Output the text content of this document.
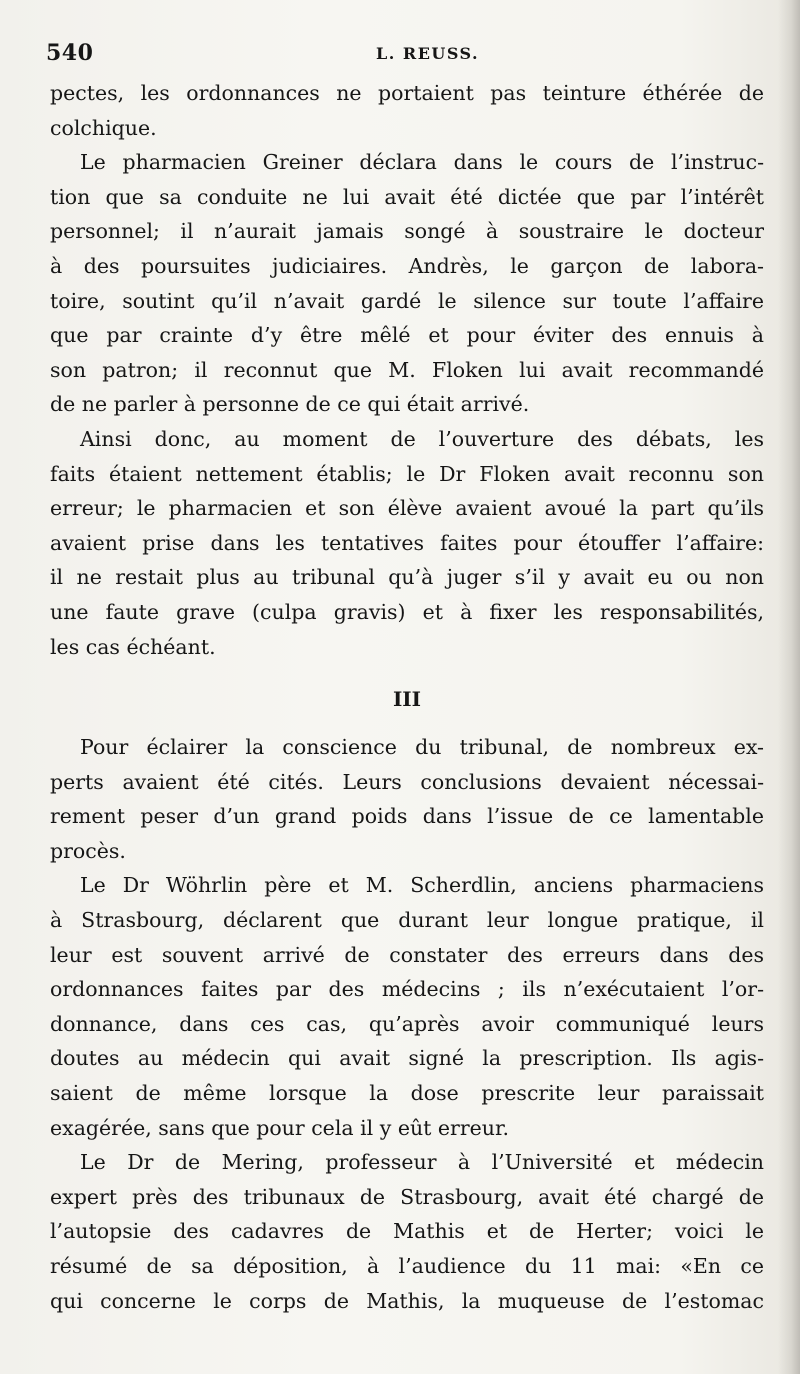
540	L. REUSS.
pectes, les ordonnances ne portaient pas teinture éthérée de
colchique.
Le pharmacien Greiner déclara dans le cours de l’instruc-
tion que sa conduite ne lui avait été dictée que par l’intérêt
personnel; il n’aurait jamais songé à soustraire le docteur
à des poursuites judiciaires. Andrès, le garçon de labora-
toire, soutint qu’il n’avait gardé le silence sur toute l’affaire
que par crainte d’y être mêlé et pour éviter des ennuis à
son patron; il reconnut que M. Floken lui avait recommandé
de ne parler à personne de ce qui était arrivé.
Ainsi donc, au moment de l’ouverture des débats, les
faits étaient nettement établis; le Dr Floken avait reconnu son
erreur; le pharmacien et son élève avaient avoué la part qu’ils
avaient prise dans les tentatives faites pour étouffer l’affaire:
il ne restait plus au tribunal qu’à juger s’il y avait eu ou non
une faute grave (culpa gravis) et à fixer les responsabilités,
les cas échéant.
III
Pour éclairer la conscience du tribunal, de nombreux ex-
perts avaient été cités. Leurs conclusions devaient nécessai-
rement peser d’un grand poids dans l’issue de ce lamentable
procès.
Le Dr Wöhrlin père et M. Scherdlin, anciens pharmaciens
à Strasbourg, déclarent que durant leur longue pratique, il
leur est souvent arrivé de constater des erreurs dans des
ordonnances faites par des médecins ; ils n’exécutaient l’or-
donnance, dans ces cas, qu’après avoir communiqué leurs
doutes au médecin qui avait signé la prescription. Ils agis-
saient de même lorsque la dose prescrite leur paraissait
exagérée, sans que pour cela il y eût erreur.
Le Dr de Mering, professeur à l’Université et médecin
expert près des tribunaux de Strasbourg, avait été chargé de
l’autopsie des cadavres de Mathis et de Herter; voici le
résumé de sa déposition, à l’audience du 11 mai: «En ce
qui concerne le corps de Mathis, la muqueuse de l’estomac
